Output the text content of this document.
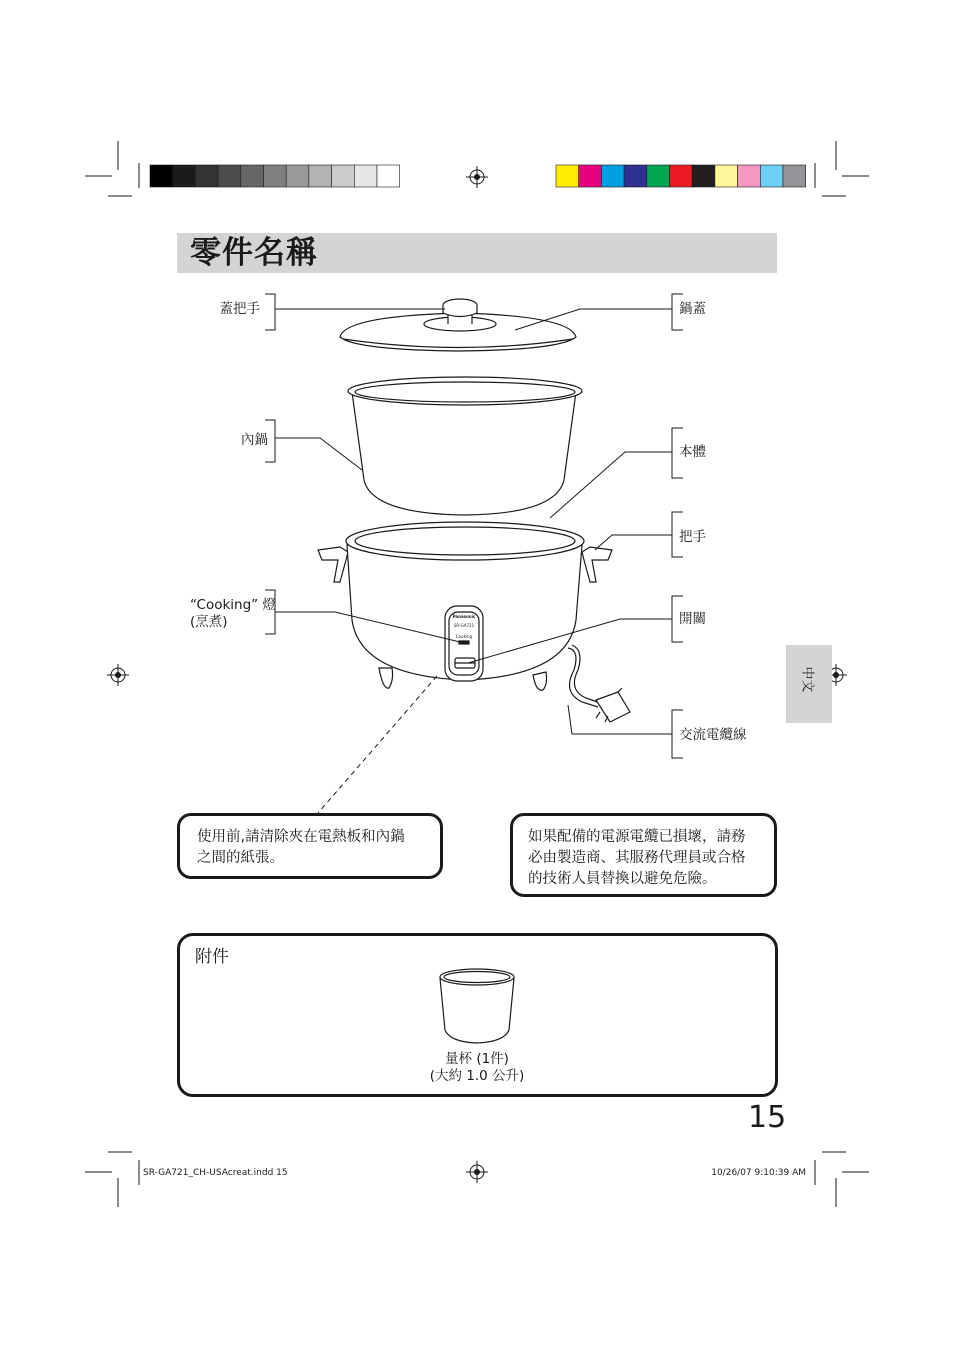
零件名稱
Panasonic
SR-GA721
Cooking
蓋把手	鍋蓋
內鍋
本體
把手
“Cooking” 燈
(烹煮)	開關
交流電纜線
使用前,請清除夾在電熱板和內鍋
之間的紙張。
如果配備的電源電纜已損壞，請務
必由製造商、其服務代理員或合格
的技術人員替換以避免危險。
附件
量杯 (1件)
(大約 1.0 公升)
中文
15
SR-GA721_CH-USAcreat.indd 15	10/26/07 9:10:39 AM
